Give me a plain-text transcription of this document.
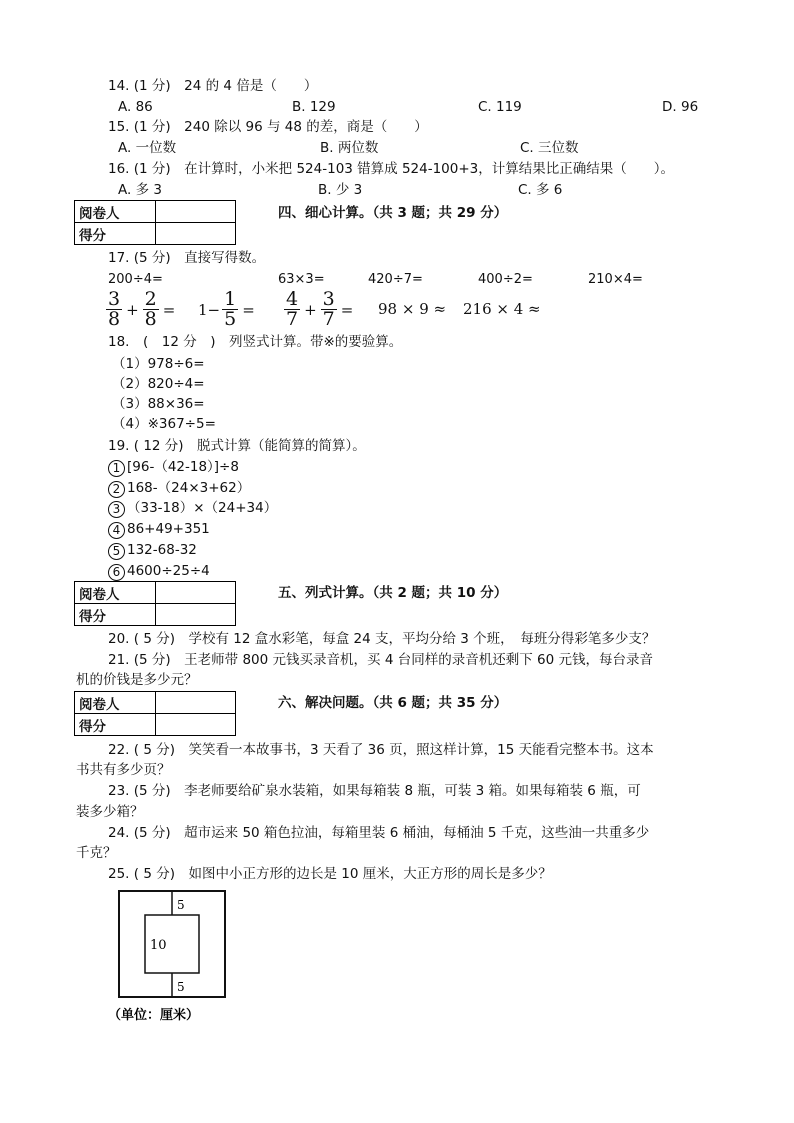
14. (1 分)　24 的 4 倍是（　　）
A. 86	B. 129	C. 119	D. 96
15. (1 分)　240 除以 96 与 48 的差，商是（　　）
A. 一位数	B. 两位数	C. 三位数
16. (1 分)　在计算时，小米把 524-103 错算成 524-100+3，计算结果比正确结果（　　）。
A. 多 3	B. 少 3	C. 多 6
阅卷人	
得分	
四、细心计算。（共 3 题；共 29 分）
17. (5 分)　直接写得数。
200÷4=	63×3=	420÷7=	400÷2=	210×4=
$\frac{3}{8} + \frac{2}{8} = 1- \frac{1}{5} = \frac{4}{7} + \frac{3}{7} = 98 \times 9 \approx 216 \times 4$ ≈
18.　(　12 分　)　列竖式计算。带※的要验算。
（1）978÷6=
（2）820÷4=
（3）88×36=
（4）※367÷5=
19. ( 12 分)　脱式计算（能简算的简算）。
1 [96-（42-18）]÷8
2 168-（24×3+62）
3 （33-18）×（24+34）
4 86+49+351
5 132-68-32
6 4600÷25÷4
阅卷人	
得分	
五、列式计算。（共 2 题；共 10 分）
20. ( 5 分)　学校有 12 盒水彩笔，每盒 24 支，平均分给 3 个班，　每班分得彩笔多少支？
21. (5 分)　王老师带 800 元钱买录音机，买 4 台同样的录音机还剩下 60 元钱，每台录音
机的价钱是多少元？
阅卷人	
得分	
六、解决问题。（共 6 题；共 35 分）
22. ( 5 分)　笑笑看一本故事书，3 天看了 36 页，照这样计算，15 天能看完整本书。这本
书共有多少页？
23. (5 分)　李老师要给矿泉水装箱，如果每箱装 8 瓶，可装 3 箱。如果每箱装 6 瓶，可
装多少箱？
24. (5 分)　超市运来 50 箱色拉油，每箱里装 6 桶油，每桶油 5 千克，这些油一共重多少
千克？
25. ( 5 分)　如图中小正方形的边长是 10 厘米，大正方形的周长是多少？
5
10
5
（单位：厘米）
